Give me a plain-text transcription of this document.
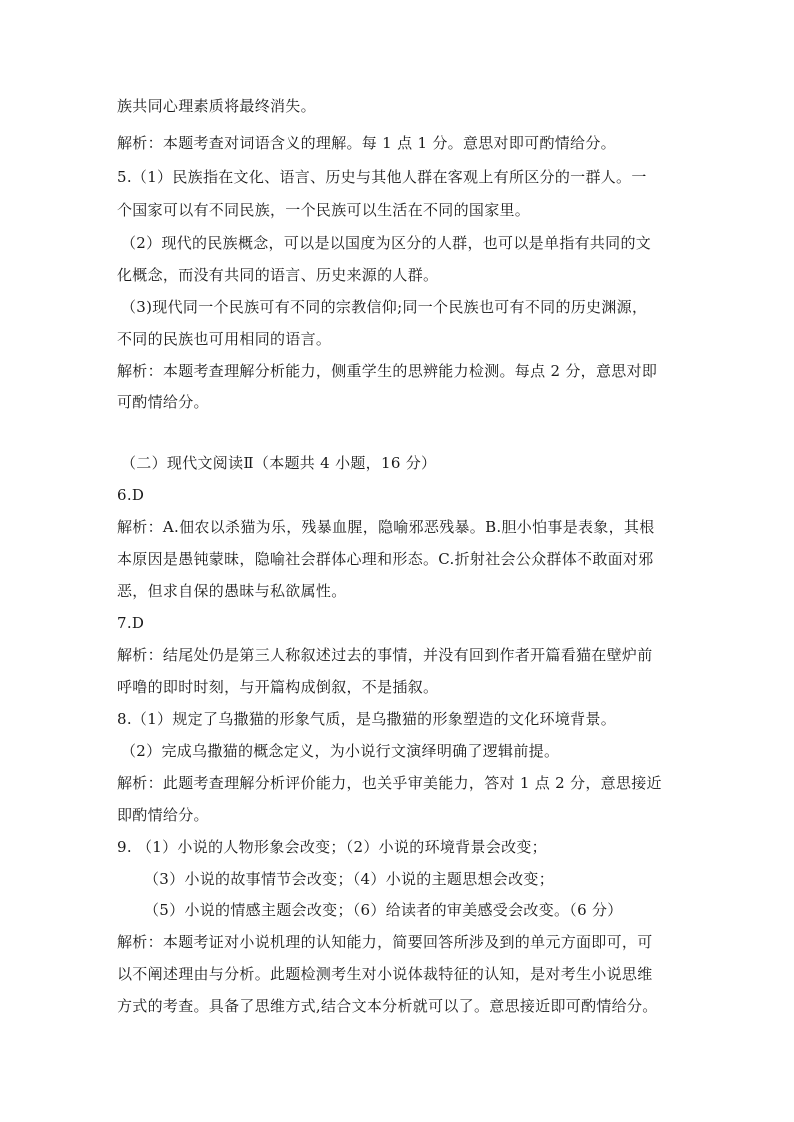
族共同心理素质将最终消失。
解析：本题考查对词语含义的理解。每 1 点 1 分。意思对即可酌情给分。
5.（1）民族指在文化、语言、历史与其他人群在客观上有所区分的一群人。一
个国家可以有不同民族，一个民族可以生活在不同的国家里。
（2）现代的民族概念，可以是以国度为区分的人群，也可以是单指有共同的文
化概念，而没有共同的语言、历史来源的人群。
（3)现代同一个民族可有不同的宗教信仰;同一个民族也可有不同的历史渊源，
不同的民族也可用相同的语言。
解析：本题考查理解分析能力，侧重学生的思辨能力检测。每点 2 分，意思对即
可酌情给分。
（二）现代文阅读Ⅱ（本题共 4 小题，16 分）
6.D
解析：A.佃农以杀猫为乐，残暴血腥，隐喻邪恶残暴。B.胆小怕事是表象，其根
本原因是愚钝蒙昧，隐喻社会群体心理和形态。C.折射社会公众群体不敢面对邪
恶，但求自保的愚昧与私欲属性。
7.D
解析：结尾处仍是第三人称叙述过去的事情，并没有回到作者开篇看猫在壁炉前
呼噜的即时时刻，与开篇构成倒叙，不是插叙。
8.（1）规定了乌撒猫的形象气质，是乌撒猫的形象塑造的文化环境背景。
（2）完成乌撒猫的概念定义，为小说行文演绎明确了逻辑前提。
解析：此题考查理解分析评价能力，也关乎审美能力，答对 1 点 2 分，意思接近
即酌情给分。
9. （1）小说的人物形象会改变；（2）小说的环境背景会改变；
（3）小说的故事情节会改变；（4）小说的主题思想会改变；
（5）小说的情感主题会改变；（6）给读者的审美感受会改变。（6 分）
解析：本题考证对小说机理的认知能力，简要回答所涉及到的单元方面即可，可
以不阐述理由与分析。此题检测考生对小说体裁特征的认知，是对考生小说思维
方式的考查。具备了思维方式,结合文本分析就可以了。意思接近即可酌情给分。
